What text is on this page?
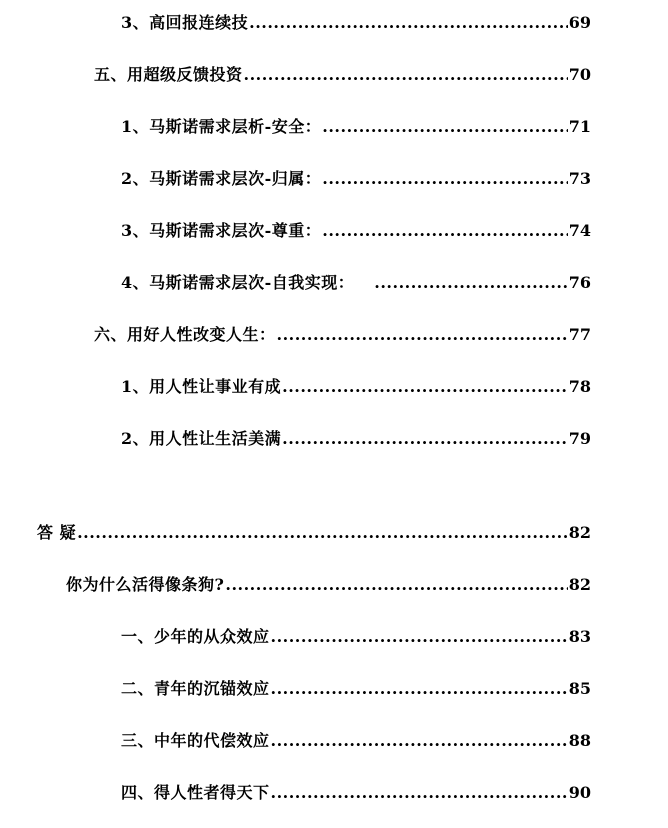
3、高回报连续技 .....	69
五、用超级反馈投资 .....	70
1、马斯诺需求层析-安全： .....	71
2、马斯诺需求层次-归属： .....	73
3、马斯诺需求层次-尊重： .....	74
4、马斯诺需求层次-自我实现： .....	76
六、用好人性改变人生： .....	77
1、用人性让事业有成 .....	78
2、用人性让生活美满 .....	79
答 疑 .....	82
你为什么活得像条狗? .....	82
一、少年的从众效应 .....	83
二、青年的沉锚效应 .....	85
三、中年的代偿效应 .....	88
四、得人性者得天下 .....	90
